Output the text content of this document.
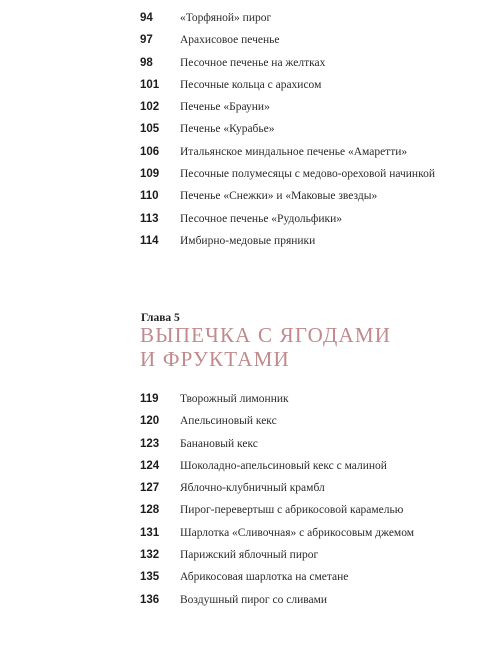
94	«Торфяной» пирог
97	Арахисовое печенье
98	Песочное печенье на желтках
101	Песочные кольца с арахисом
102	Печенье «Брауни»
105	Печенье «Курабье»
106	Итальянское миндальное печенье «Амаретти»
109	Песочные полумесяцы с медово-ореховой начинкой
110	Печенье «Снежки» и «Маковые звезды»
113	Песочное печенье «Рудольфики»
114	Имбирно-медовые пряники
Глава 5
ВЫПЕЧКА С ЯГОДАМИ
И ФРУКТАМИ
119	Творожный лимонник
120	Апельсиновый кекс
123	Банановый кекс
124	Шоколадно-апельсиновый кекс с малиной
127	Яблочно-клубничный крамбл
128	Пирог-перевертыш с абрикосовой карамелью
131	Шарлотка «Сливочная» с абрикосовым джемом
132	Парижский яблочный пирог
135	Абрикосовая шарлотка на сметане
136	Воздушный пирог со сливами
